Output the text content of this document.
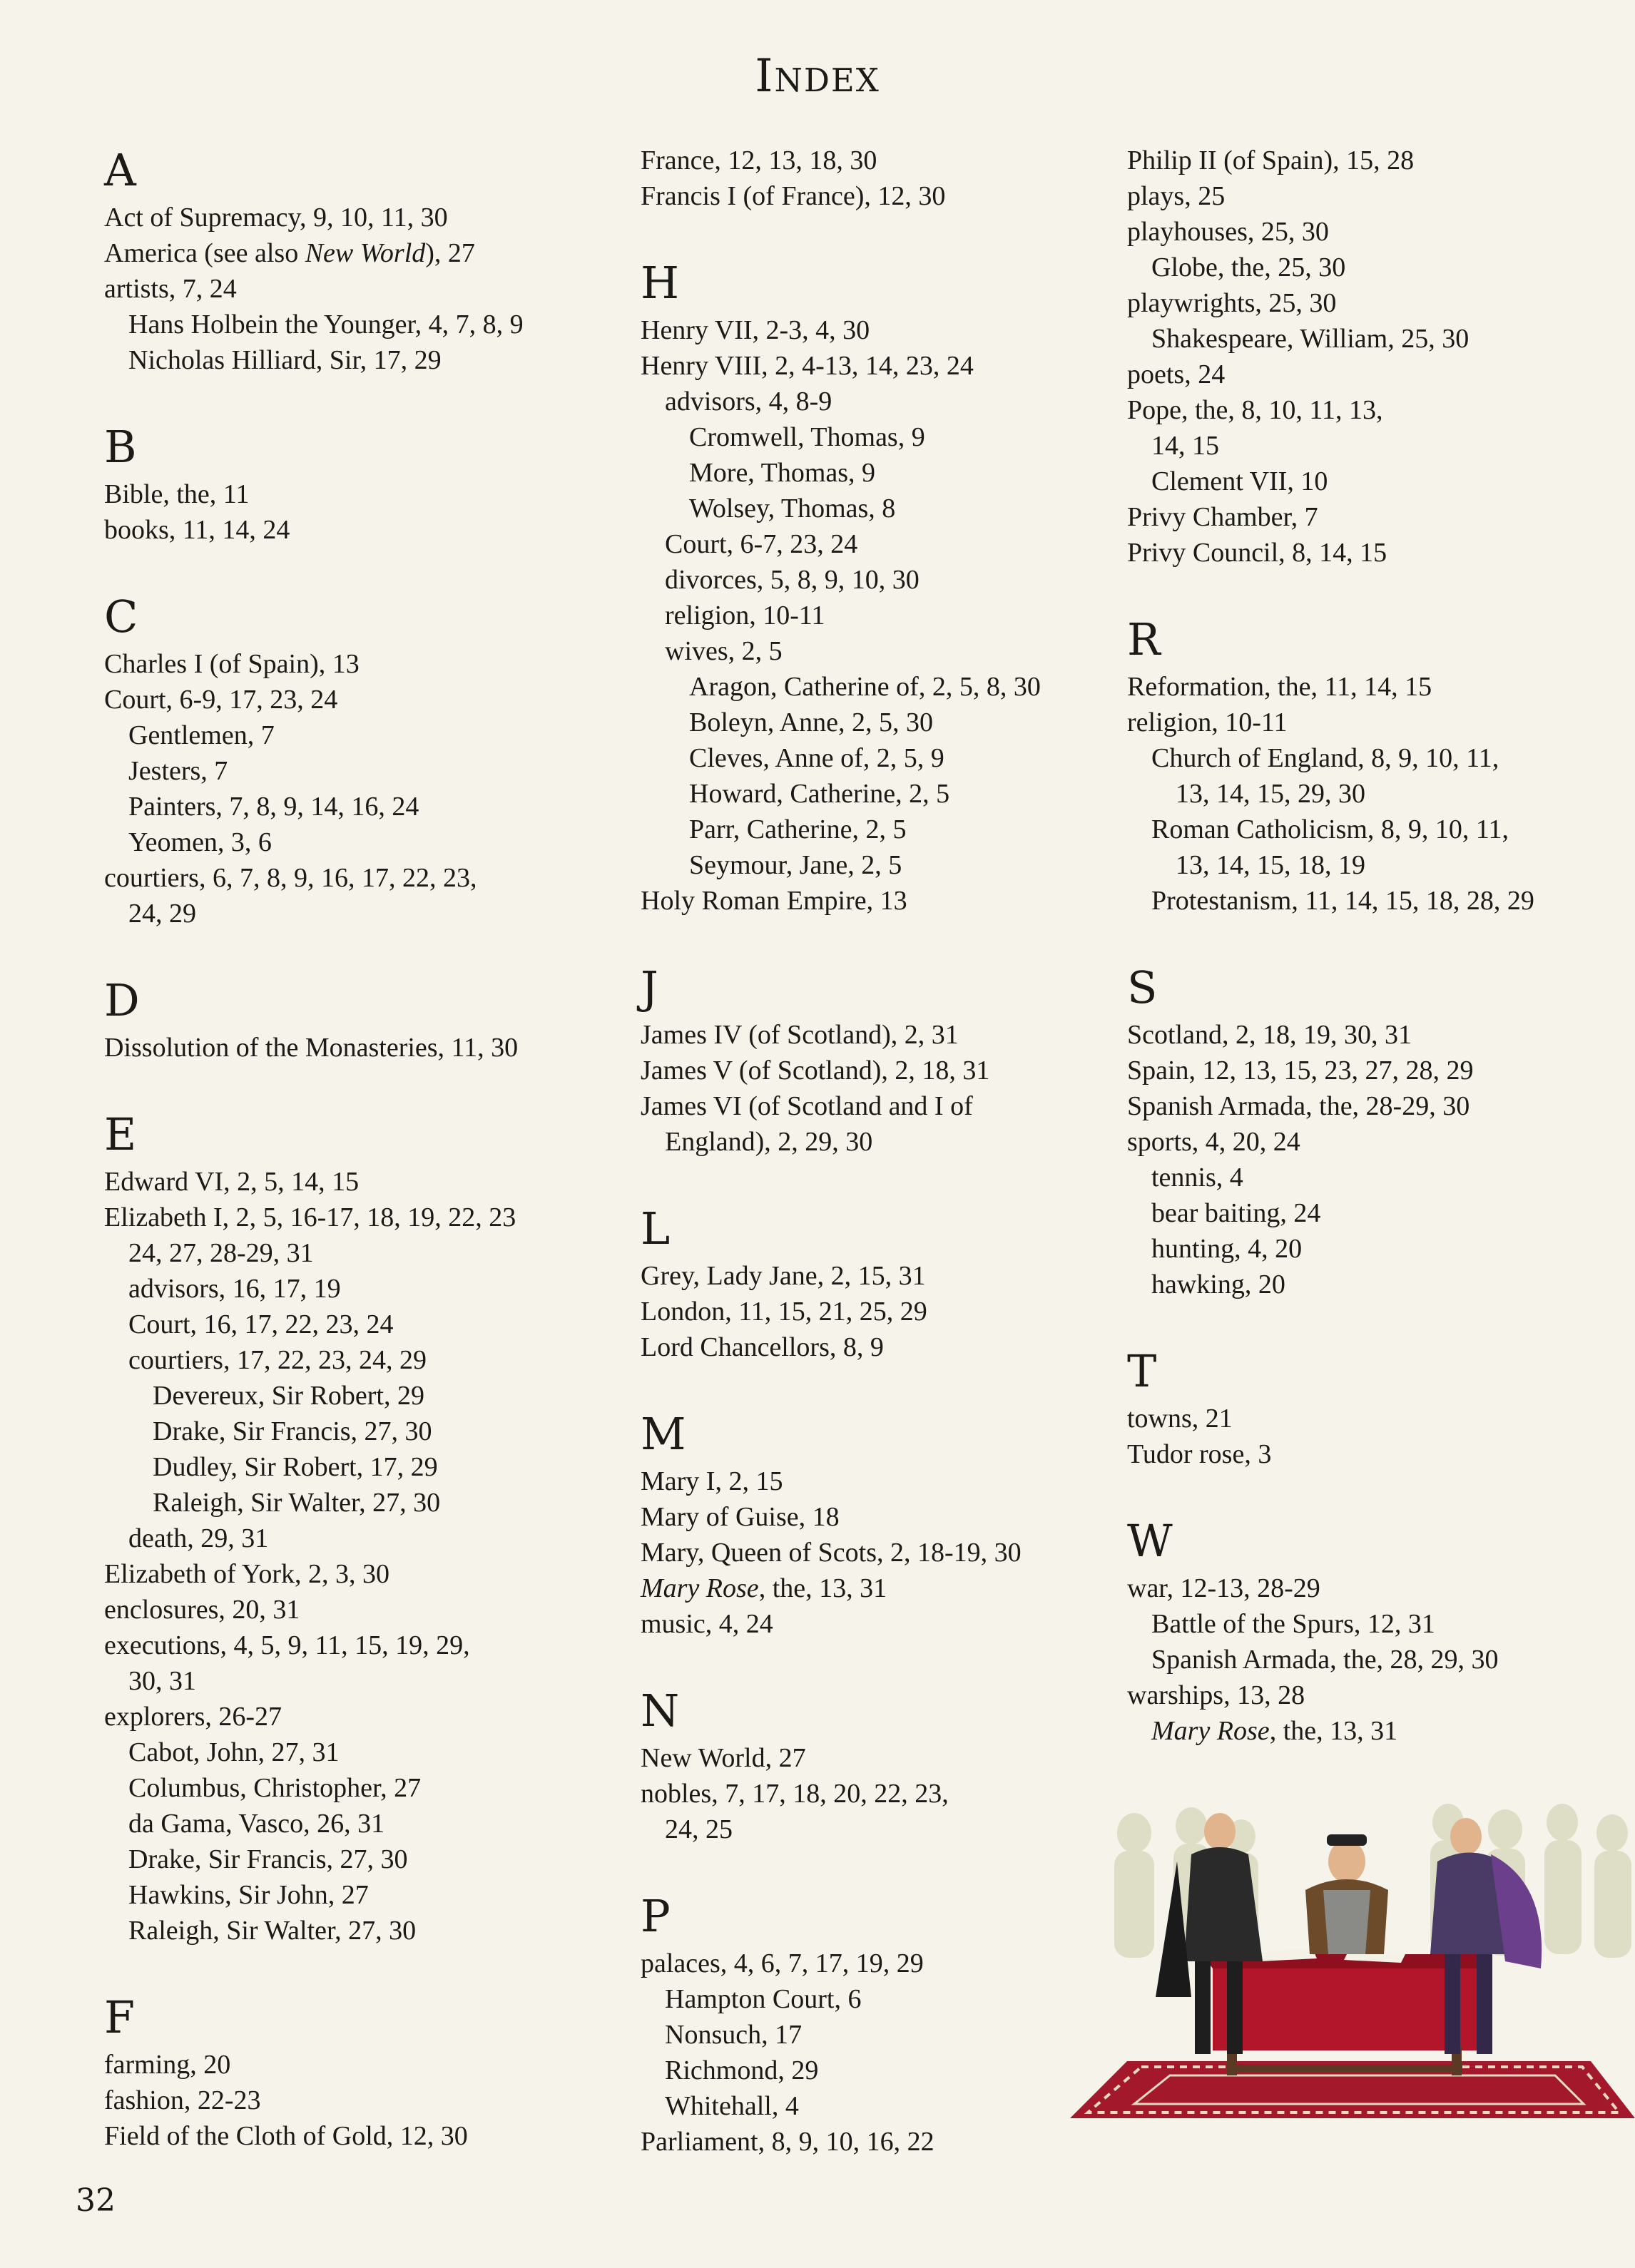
Index
A
Act of Supremacy, 9, 10, 11, 30
America (see also New World), 27
artists, 7, 24
Hans Holbein the Younger, 4, 7, 8, 9
Nicholas Hilliard, Sir, 17, 29
B
Bible, the, 11
books, 11, 14, 24
C
Charles I (of Spain), 13
Court, 6-9, 17, 23, 24
Gentlemen, 7
Jesters, 7
Painters, 7, 8, 9, 14, 16, 24
Yeomen, 3, 6
courtiers, 6, 7, 8, 9, 16, 17, 22, 23,
24, 29
D
Dissolution of the Monasteries, 11, 30
E
Edward VI, 2, 5, 14, 15
Elizabeth I, 2, 5, 16-17, 18, 19, 22, 23
24, 27, 28-29, 31
advisors, 16, 17, 19
Court, 16, 17, 22, 23, 24
courtiers, 17, 22, 23, 24, 29
Devereux, Sir Robert, 29
Drake, Sir Francis, 27, 30
Dudley, Sir Robert, 17, 29
Raleigh, Sir Walter, 27, 30
death, 29, 31
Elizabeth of York, 2, 3, 30
enclosures, 20, 31
executions, 4, 5, 9, 11, 15, 19, 29,
30, 31
explorers, 26-27
Cabot, John, 27, 31
Columbus, Christopher, 27
da Gama, Vasco, 26, 31
Drake, Sir Francis, 27, 30
Hawkins, Sir John, 27
Raleigh, Sir Walter, 27, 30
F
farming, 20
fashion, 22-23
Field of the Cloth of Gold, 12, 30
France, 12, 13, 18, 30
Francis I (of France), 12, 30
H
Henry VII, 2-3, 4, 30
Henry VIII, 2, 4-13, 14, 23, 24
advisors, 4, 8-9
Cromwell, Thomas, 9
More, Thomas, 9
Wolsey, Thomas, 8
Court, 6-7, 23, 24
divorces, 5, 8, 9, 10, 30
religion, 10-11
wives, 2, 5
Aragon, Catherine of, 2, 5, 8, 30
Boleyn, Anne, 2, 5, 30
Cleves, Anne of, 2, 5, 9
Howard, Catherine, 2, 5
Parr, Catherine, 2, 5
Seymour, Jane, 2, 5
Holy Roman Empire, 13
J
James IV (of Scotland), 2, 31
James V (of Scotland), 2, 18, 31
James VI (of Scotland and I of
England), 2, 29, 30
L
Grey, Lady Jane, 2, 15, 31
London, 11, 15, 21, 25, 29
Lord Chancellors, 8, 9
M
Mary I, 2, 15
Mary of Guise, 18
Mary, Queen of Scots, 2, 18-19, 30
Mary Rose, the, 13, 31
music, 4, 24
N
New World, 27
nobles, 7, 17, 18, 20, 22, 23,
24, 25
P
palaces, 4, 6, 7, 17, 19, 29
Hampton Court, 6
Nonsuch, 17
Richmond, 29
Whitehall, 4
Parliament, 8, 9, 10, 16, 22
Philip II (of Spain), 15, 28
plays, 25
playhouses, 25, 30
Globe, the, 25, 30
playwrights, 25, 30
Shakespeare, William, 25, 30
poets, 24
Pope, the, 8, 10, 11, 13,
14, 15
Clement VII, 10
Privy Chamber, 7
Privy Council, 8, 14, 15
R
Reformation, the, 11, 14, 15
religion, 10-11
Church of England, 8, 9, 10, 11,
13, 14, 15, 29, 30
Roman Catholicism, 8, 9, 10, 11,
13, 14, 15, 18, 19
Protestanism, 11, 14, 15, 18, 28, 29
S
Scotland, 2, 18, 19, 30, 31
Spain, 12, 13, 15, 23, 27, 28, 29
Spanish Armada, the, 28-29, 30
sports, 4, 20, 24
tennis, 4
bear baiting, 24
hunting, 4, 20
hawking, 20
T
towns, 21
Tudor rose, 3
W
war, 12-13, 28-29
Battle of the Spurs, 12, 31
Spanish Armada, the, 28, 29, 30
warships, 13, 28
Mary Rose, the, 13, 31
32
